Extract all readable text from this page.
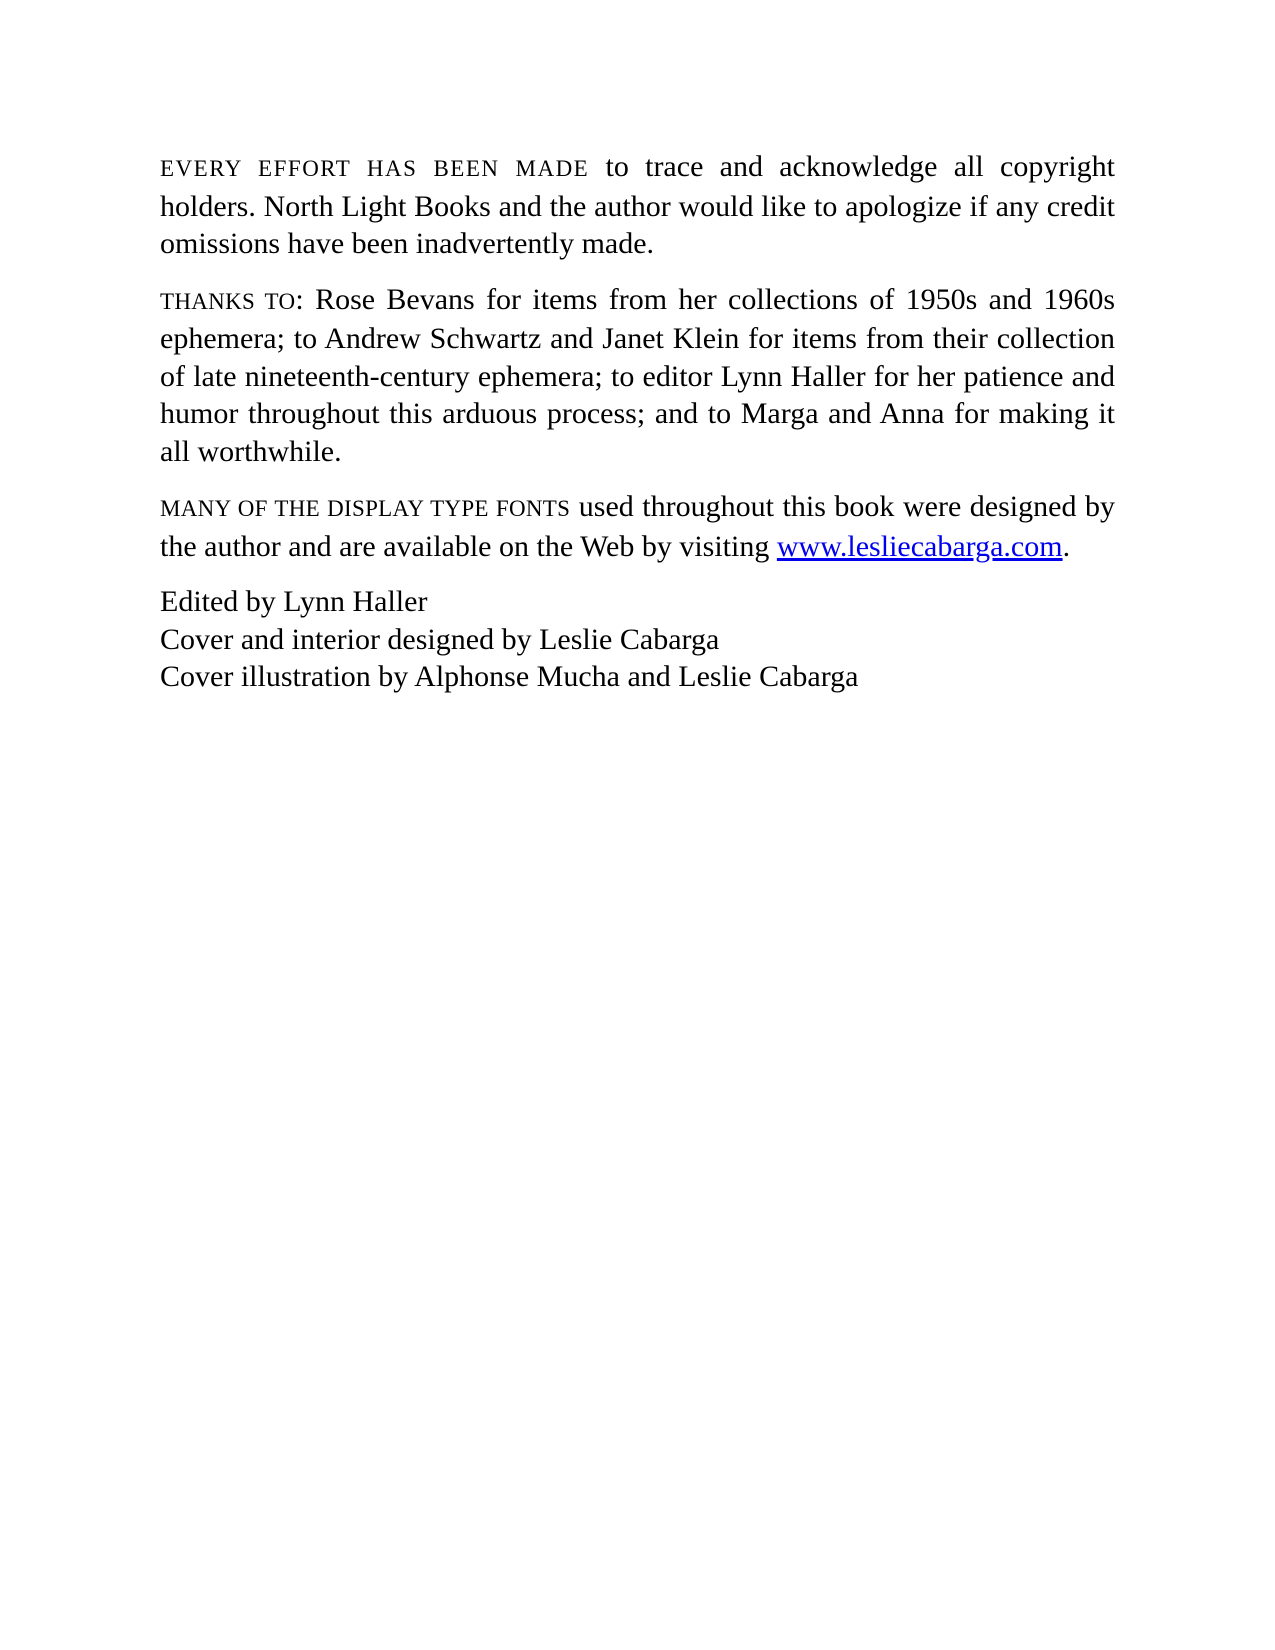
EVERY EFFORT HAS BEEN MADE to trace and acknowledge all copyright holders. North Light Books and the author would like to apologize if any credit omissions have been inadvertently made.

THANKS TO: Rose Bevans for items from her collections of 1950s and 1960s ephemera; to Andrew Schwartz and Janet Klein for items from their collection of late nineteenth-century ephemera; to editor Lynn Haller for her patience and humor throughout this arduous process; and to Marga and Anna for making it all worthwhile.

MANY OF THE DISPLAY TYPE FONTS used throughout this book were designed by the author and are available on the Web by visiting www.lesliecabarga.com.

Edited by Lynn Haller
Cover and interior designed by Leslie Cabarga
Cover illustration by Alphonse Mucha and Leslie Cabarga
